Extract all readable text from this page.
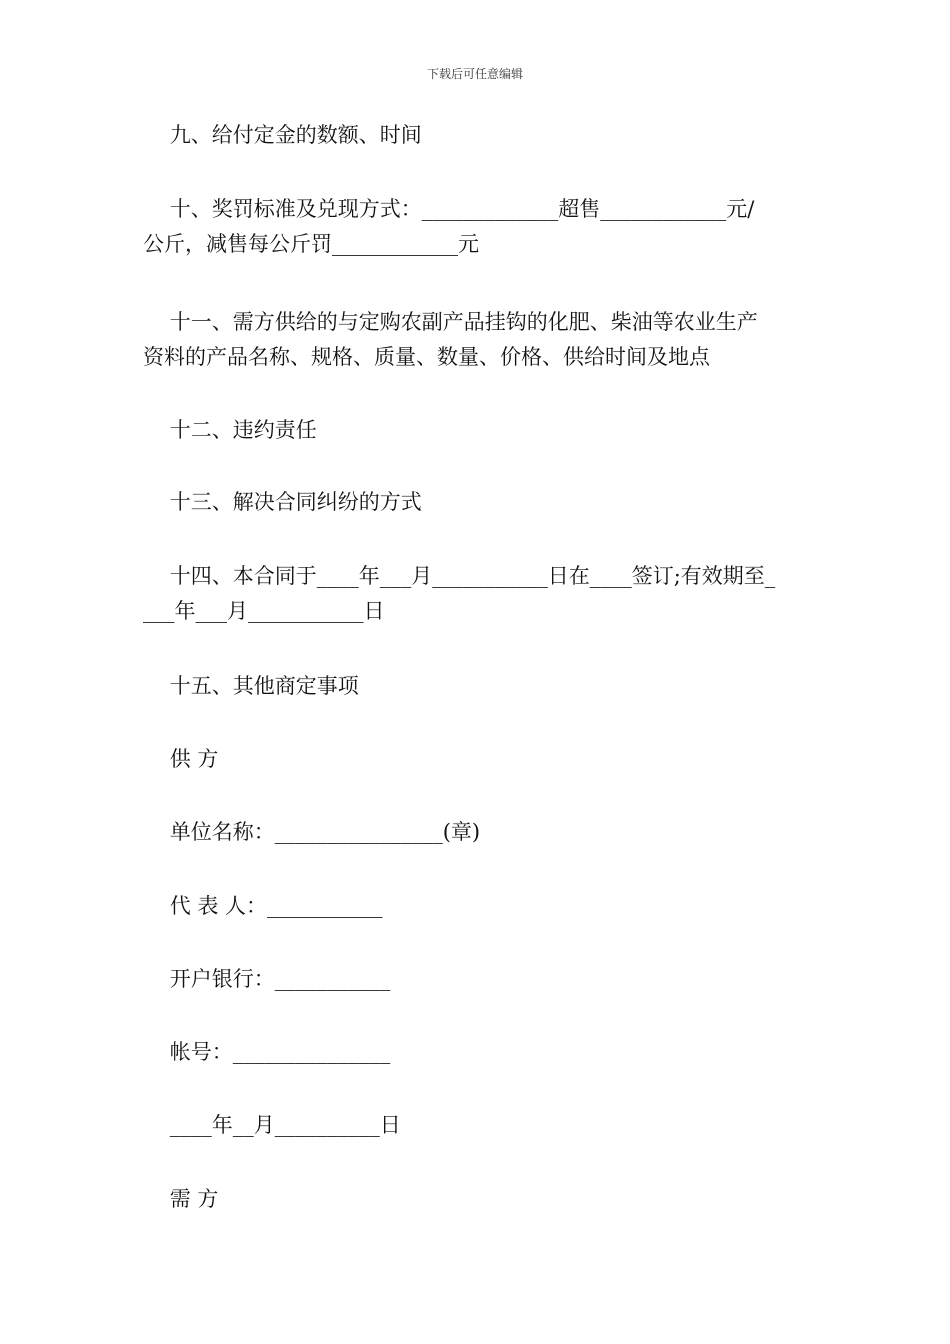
下载后可任意编辑

九、给付定金的数额、时间

十、奖罚标准及兑现方式：_____________超售____________元/
公斤，减售每公斤罚____________元

十一、需方供给的与定购农副产品挂钩的化肥、柴油等农业生产
资料的产品名称、规格、质量、数量、价格、供给时间及地点

十二、违约责任

十三、解决合同纠纷的方式

十四、本合同于____年___月___________日在____签订;有效期至_
___年___月___________日

十五、其他商定事项

供 方

单位名称：________________(章)

代 表 人：___________

开户银行：___________

帐号：_______________

____年__月__________日

需 方
